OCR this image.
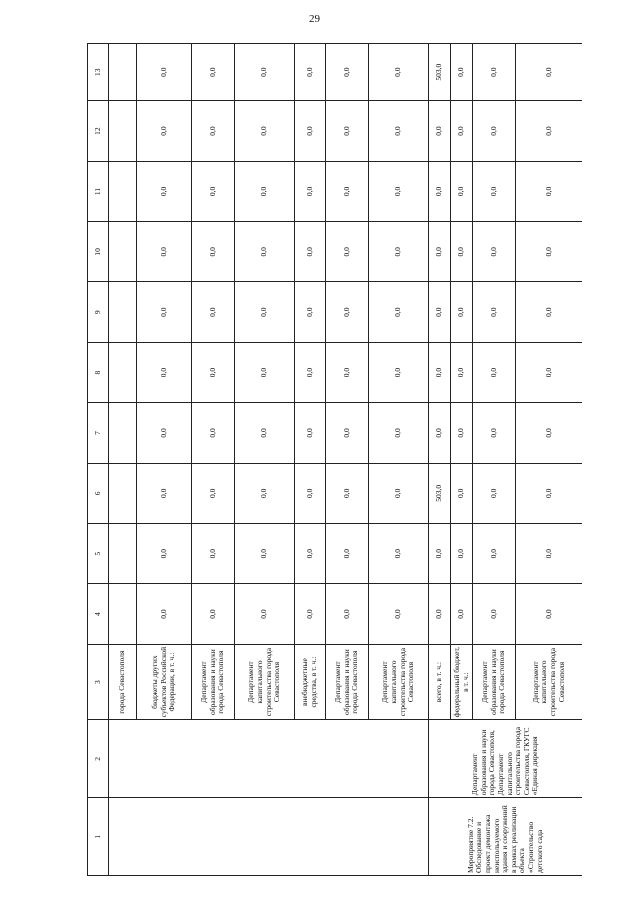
29
1	2	3	4	5	6	7	8	9	10	11	12	13
		города Севастополя										
		бюджеты других субъектов Российской Федерации, в т. ч.:	0,0	0,0	0,0	0,0	0,0	0,0	0,0	0,0	0,0	0,0
		Департамент образования и науки города Севастополя	0,0	0,0	0,0	0,0	0,0	0,0	0,0	0,0	0,0	0,0
		Департамент капитального строительства города Севастополя	0,0	0,0	0,0	0,0	0,0	0,0	0,0	0,0	0,0	0,0
		внебюджетные средства, в т. ч.:	0,0	0,0	0,0	0,0	0,0	0,0	0,0	0,0	0,0	0,0
		Департамент образования и науки города Севастополя	0,0	0,0	0,0	0,0	0,0	0,0	0,0	0,0	0,0	0,0
		Департамент капитального строительства города Севастополя	0,0	0,0	0,0	0,0	0,0	0,0	0,0	0,0	0,0	0,0
Мероприятие 7.2. Обследование и проект демонтажа неиспользуемого здания и сооружений в рамках реализации объекта «Строительство детского сада	Департамент образования и науки города Севастополя, Департамент капитального строительства города Севастополя, ГКУГС «Единая дирекция	всего, в т. ч.:	0,0	0,0	503,0	0,0	0,0	0,0	0,0	0,0	0,0	503,0
		федеральный бюджет, в т. ч.:	0,0	0,0	0,0	0,0	0,0	0,0	0,0	0,0	0,0	0,0
		Департамент образования и науки города Севастополя	0,0	0,0	0,0	0,0	0,0	0,0	0,0	0,0	0,0	0,0
		Департамент капитального строительства города Севастополя	0,0	0,0	0,0	0,0	0,0	0,0	0,0	0,0	0,0	0,0
